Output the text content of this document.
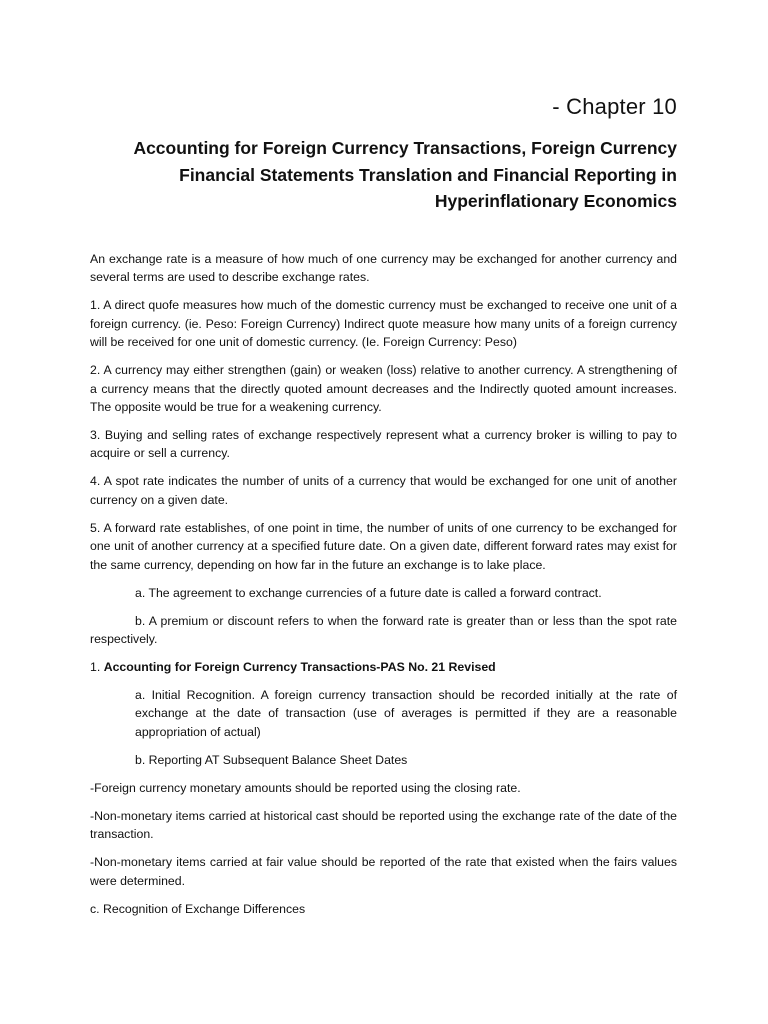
- Chapter 10
Accounting for Foreign Currency Transactions, Foreign Currency Financial Statements Translation and Financial Reporting in Hyperinflationary Economics

An exchange rate is a measure of how much of one currency may be exchanged for another currency and several terms are used to describe exchange rates.

1. A direct quofe measures how much of the domestic currency must be exchanged to receive one unit of a foreign currency. (ie. Peso: Foreign Currency) Indirect quote measure how many units of a foreign currency will be received for one unit of domestic currency. (Ie. Foreign Currency: Peso)

2. A currency may either strengthen (gain) or weaken (loss) relative to another currency. A strengthening of a currency means that the directly quoted amount decreases and the Indirectly quoted amount increases. The opposite would be true for a weakening currency.

3. Buying and selling rates of exchange respectively represent what a currency broker is willing to pay to acquire or sell a currency.

4. A spot rate indicates the number of units of a currency that would be exchanged for one unit of another currency on a given date.

5. A forward rate establishes, of one point in time, the number of units of one currency to be exchanged for one unit of another currency at a specified future date. On a given date, different forward rates may exist for the same currency, depending on how far in the future an exchange is to lake place.

a. The agreement to exchange currencies of a future date is called a forward contract.

b. A premium or discount refers to when the forward rate is greater than or less than the spot rate respectively.

1. Accounting for Foreign Currency Transactions-PAS No. 21 Revised

a. Initial Recognition. A foreign currency transaction should be recorded initially at the rate of exchange at the date of transaction (use of averages is permitted if they are a reasonable appropriation of actual)

b. Reporting AT Subsequent Balance Sheet Dates

-Foreign currency monetary amounts should be reported using the closing rate.

-Non-monetary items carried at historical cast should be reported using the exchange rate of the date of the transaction.

-Non-monetary items carried at fair value should be reported of the rate that existed when the fairs values were determined.

c. Recognition of Exchange Differences
